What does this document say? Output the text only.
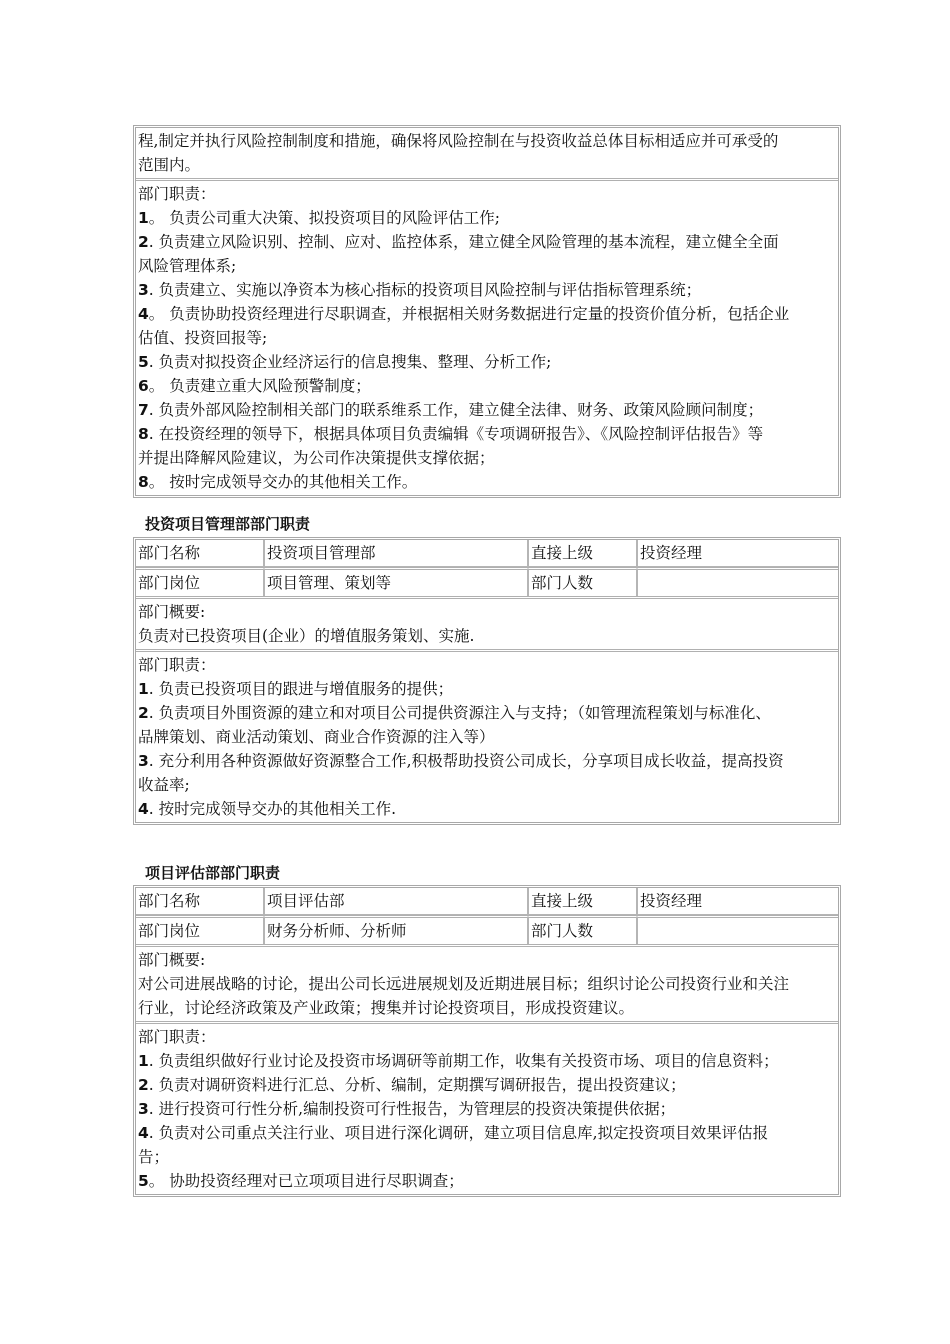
程,制定并执行风险控制制度和措施，确保将风险控制在与投资收益总体目标相适应并可承受的
范围内。
部门职责：
1。 负责公司重大决策、拟投资项目的风险评估工作;
2. 负责建立风险识别、控制、应对、监控体系，建立健全风险管理的基本流程，建立健全全面
风险管理体系;
3. 负责建立、实施以净资本为核心指标的投资项目风险控制与评估指标管理系统；
4。 负责协助投资经理进行尽职调查，并根据相关财务数据进行定量的投资价值分析，包括企业
估值、投资回报等;
5. 负责对拟投资企业经济运行的信息搜集、整理、分析工作;
6。 负责建立重大风险预警制度；
7. 负责外部风险控制相关部门的联系维系工作，建立健全法律、财务、政策风险顾问制度；
8. 在投资经理的领导下，根据具体项目负责编辑《专项调研报告》、《风险控制评估报告》等
并提出降解风险建议，为公司作决策提供支撑依据；
8。 按时完成领导交办的其他相关工作。
投资项目管理部部门职责
部门名称	投资项目管理部	直接上级	投资经理
部门岗位	项目管理、策划等	部门人数	
部门概要:
负责对已投资项目(企业）的增值服务策划、实施.
部门职责：
1. 负责已投资项目的跟进与增值服务的提供；
2. 负责项目外围资源的建立和对项目公司提供资源注入与支持；（如管理流程策划与标准化、
品牌策划、商业活动策划、商业合作资源的注入等）
3. 充分利用各种资源做好资源整合工作,积极帮助投资公司成长，分享项目成长收益，提高投资
收益率;
4. 按时完成领导交办的其他相关工作.
项目评估部部门职责
部门名称	项目评估部	直接上级	投资经理
部门岗位	财务分析师、分析师	部门人数	
部门概要:
对公司进展战略的讨论，提出公司长远进展规划及近期进展目标；组织讨论公司投资行业和关注
行业，讨论经济政策及产业政策；搜集并讨论投资项目，形成投资建议。
部门职责：
1. 负责组织做好行业讨论及投资市场调研等前期工作，收集有关投资市场、项目的信息资料；
2. 负责对调研资料进行汇总、分析、编制，定期撰写调研报告，提出投资建议；
3. 进行投资可行性分析,编制投资可行性报告，为管理层的投资决策提供依据；
4. 负责对公司重点关注行业、项目进行深化调研，建立项目信息库,拟定投资项目效果评估报
告；
5。 协助投资经理对已立项项目进行尽职调查；
